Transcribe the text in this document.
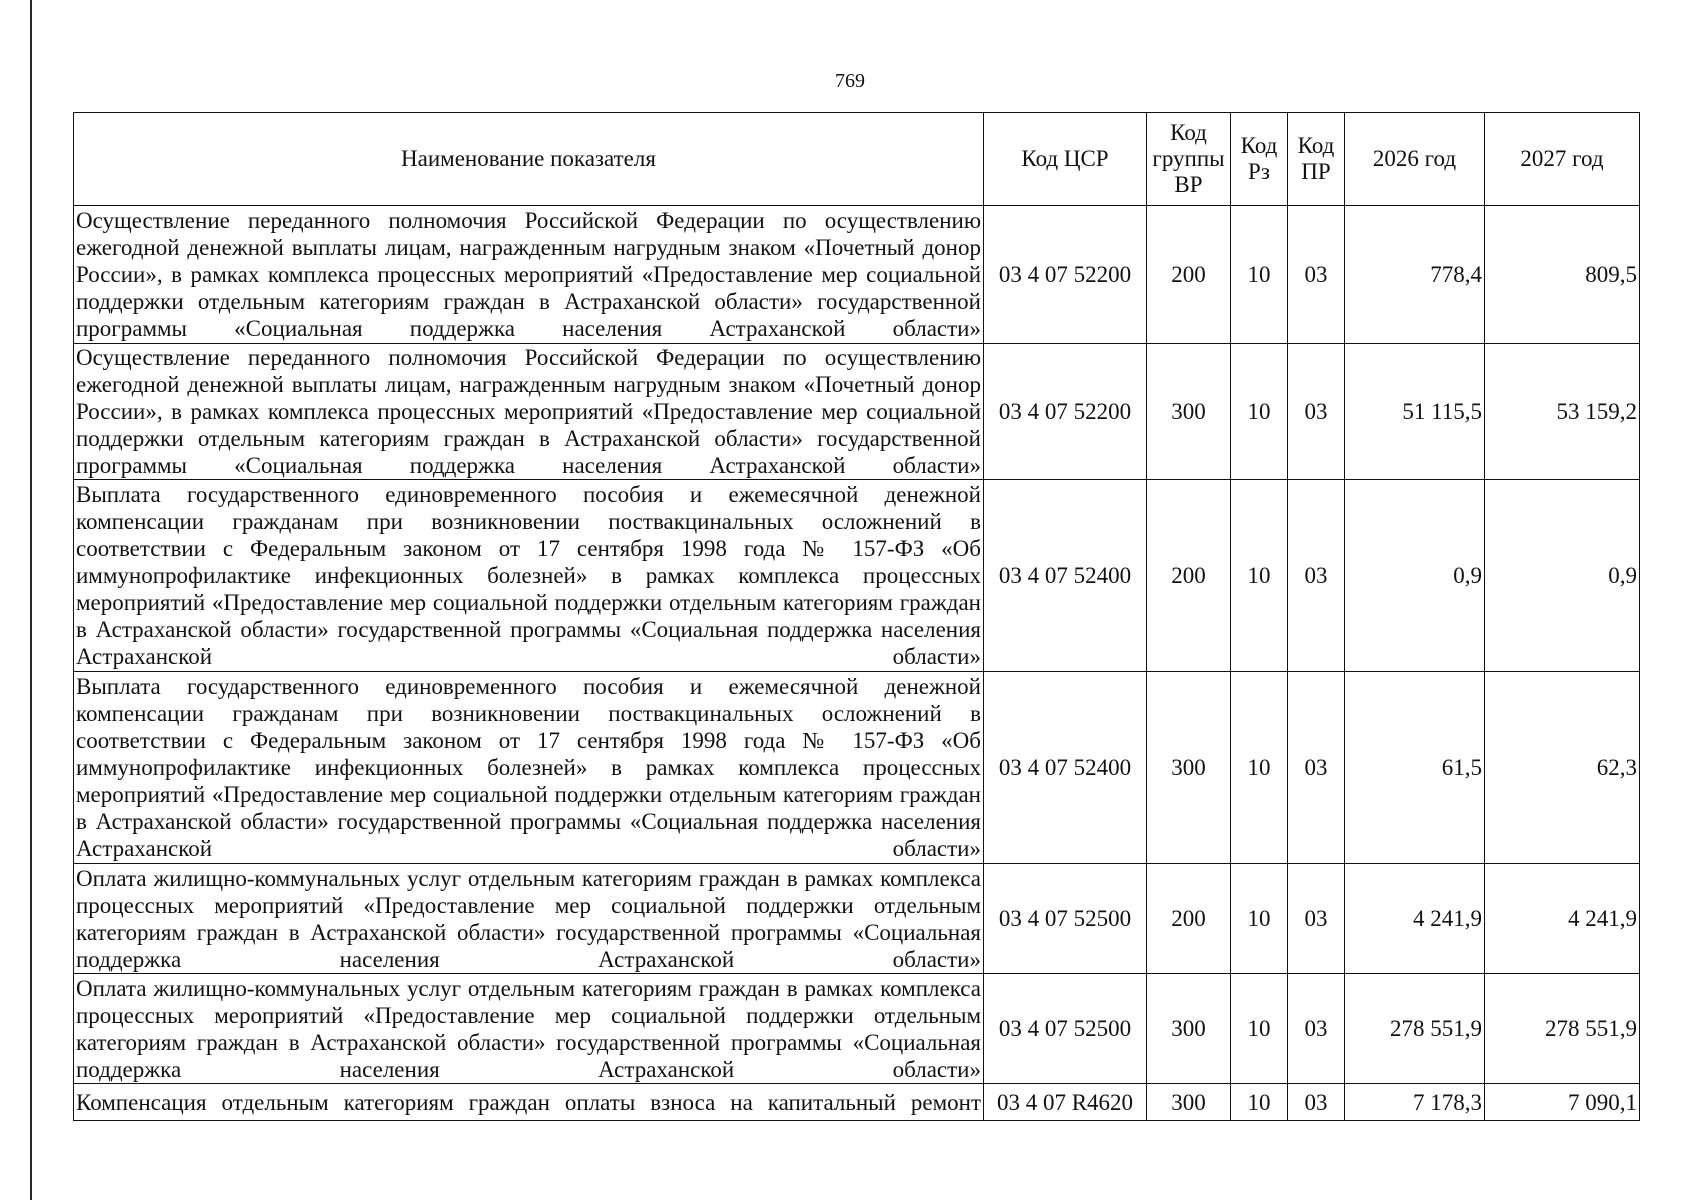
769
Наименование показателя	Код ЦСР	Код группы ВР	Код Рз	Код ПР	2026 год	2027 год
Осуществление переданного полномочия Российской Федерации по осуществлению ежегодной денежной выплаты лицам, награжденным нагрудным знаком «Почетный донор России», в рамках комплекса процессных мероприятий «Предоставление мер социальной поддержки отдельным категориям граждан в Астраханской области» государственной программы «Социальная поддержка населения Астраханской области»	03 4 07 52200	200	10	03	778,4	809,5
Осуществление переданного полномочия Российской Федерации по осуществлению ежегодной денежной выплаты лицам, награжденным нагрудным знаком «Почетный донор России», в рамках комплекса процессных мероприятий «Предоставление мер социальной поддержки отдельным категориям граждан в Астраханской области» государственной программы «Социальная поддержка населения Астраханской области»	03 4 07 52200	300	10	03	51 115,5	53 159,2
Выплата государственного единовременного пособия и ежемесячной денежной компенсации гражданам при возникновении поствакцинальных осложнений в соответствии с Федеральным законом от 17 сентября 1998 года № 157-ФЗ «Об иммунопрофилактике инфекционных болезней» в рамках комплекса процессных мероприятий «Предоставление мер социальной поддержки отдельным категориям граждан в Астраханской области» государственной программы «Социальная поддержка населения Астраханской области»	03 4 07 52400	200	10	03	0,9	0,9
Выплата государственного единовременного пособия и ежемесячной денежной компенсации гражданам при возникновении поствакцинальных осложнений в соответствии с Федеральным законом от 17 сентября 1998 года № 157-ФЗ «Об иммунопрофилактике инфекционных болезней» в рамках комплекса процессных мероприятий «Предоставление мер социальной поддержки отдельным категориям граждан в Астраханской области» государственной программы «Социальная поддержка населения Астраханской области»	03 4 07 52400	300	10	03	61,5	62,3
Оплата жилищно-коммунальных услуг отдельным категориям граждан в рамках комплекса процессных мероприятий «Предоставление мер социальной поддержки отдельным категориям граждан в Астраханской области» государственной программы «Социальная поддержка населения Астраханской области»	03 4 07 52500	200	10	03	4 241,9	4 241,9
Оплата жилищно-коммунальных услуг отдельным категориям граждан в рамках комплекса процессных мероприятий «Предоставление мер социальной поддержки отдельным категориям граждан в Астраханской области» государственной программы «Социальная поддержка населения Астраханской области»	03 4 07 52500	300	10	03	278 551,9	278 551,9
Компенсация отдельным категориям граждан оплаты взноса на капитальный ремонт	03 4 07 R4620	300	10	03	7 178,3	7 090,1
